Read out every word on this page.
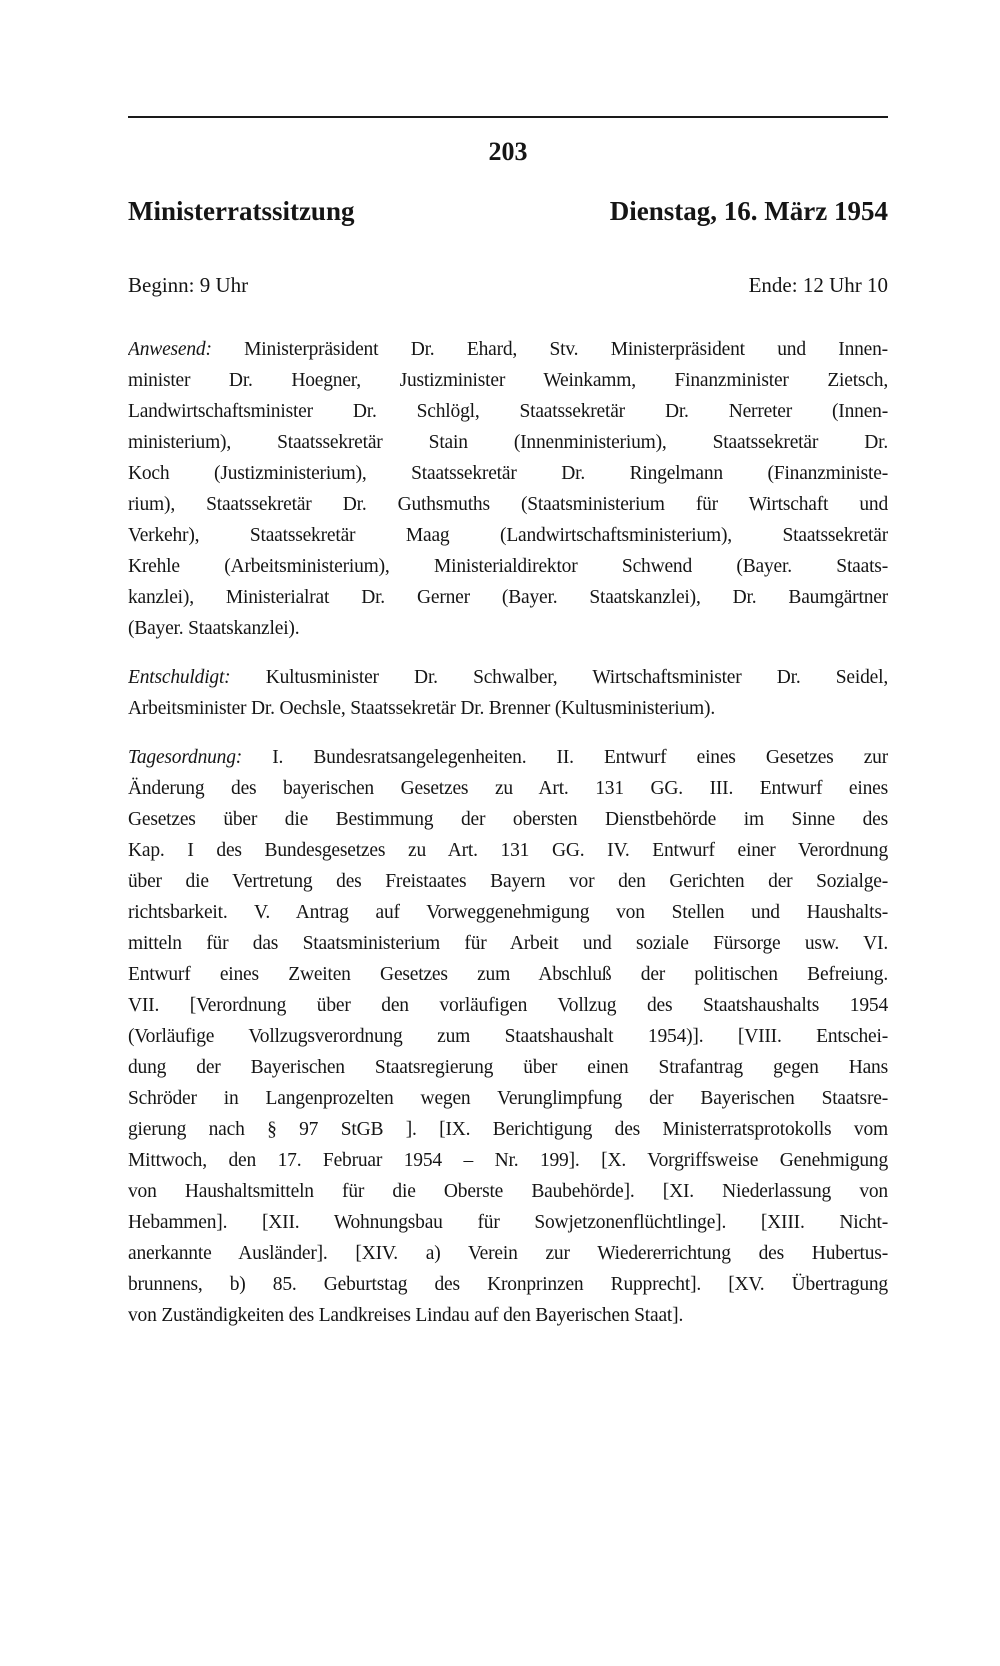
203
Ministerratssitzung	Dienstag, 16. März 1954
Beginn: 9 Uhr	Ende: 12 Uhr 10
Anwesend: Ministerpräsident Dr. Ehard, Stv. Ministerpräsident und Innen-
minister Dr. Hoegner, Justizminister Weinkamm, Finanzminister Zietsch,
Landwirtschaftsminister Dr. Schlögl, Staatssekretär Dr. Nerreter (Innen-
ministerium), Staatssekretär Stain (Innenministerium), Staatssekretär Dr.
Koch (Justizministerium), Staatssekretär Dr. Ringelmann (Finanzministe-
rium), Staatssekretär Dr. Guthsmuths (Staatsministerium für Wirtschaft und
Verkehr), Staatssekretär Maag (Landwirtschaftsministerium), Staatssekretär
Krehle (Arbeitsministerium), Ministerialdirektor Schwend (Bayer. Staats-
kanzlei), Ministerialrat Dr. Gerner (Bayer. Staatskanzlei), Dr. Baumgärtner
(Bayer. Staatskanzlei).
Entschuldigt: Kultusminister Dr. Schwalber, Wirtschaftsminister Dr. Seidel,
Arbeitsminister Dr. Oechsle, Staatssekretär Dr. Brenner (Kultusministerium).
Tagesordnung: I. Bundesratsangelegenheiten. II. Entwurf eines Gesetzes zur
Änderung des bayerischen Gesetzes zu Art. 131 GG. III. Entwurf eines
Gesetzes über die Bestimmung der obersten Dienstbehörde im Sinne des
Kap. I des Bundesgesetzes zu Art. 131 GG. IV. Entwurf einer Verordnung
über die Vertretung des Freistaates Bayern vor den Gerichten der Sozialge-
richtsbarkeit. V. Antrag auf Vorweggenehmigung von Stellen und Haushalts-
mitteln für das Staatsministerium für Arbeit und soziale Fürsorge usw. VI.
Entwurf eines Zweiten Gesetzes zum Abschluß der politischen Befreiung.
VII. [Verordnung über den vorläufigen Vollzug des Staatshaushalts 1954
(Vorläufige Vollzugsverordnung zum Staatshaushalt 1954)]. [VIII. Entschei-
dung der Bayerischen Staatsregierung über einen Strafantrag gegen Hans
Schröder in Langenprozelten wegen Verunglimpfung der Bayerischen Staatsre-
gierung nach § 97 StGB ]. [IX. Berichtigung des Ministerratsprotokolls vom
Mittwoch, den 17. Februar 1954 – Nr. 199]. [X. Vorgriffsweise Genehmigung
von Haushaltsmitteln für die Oberste Baubehörde]. [XI. Niederlassung von
Hebammen]. [XII. Wohnungsbau für Sowjetzonenflüchtlinge]. [XIII. Nicht-
anerkannte Ausländer]. [XIV. a) Verein zur Wiedererrichtung des Hubertus-
brunnens, b) 85. Geburtstag des Kronprinzen Rupprecht]. [XV. Übertragung
von Zuständigkeiten des Landkreises Lindau auf den Bayerischen Staat].
